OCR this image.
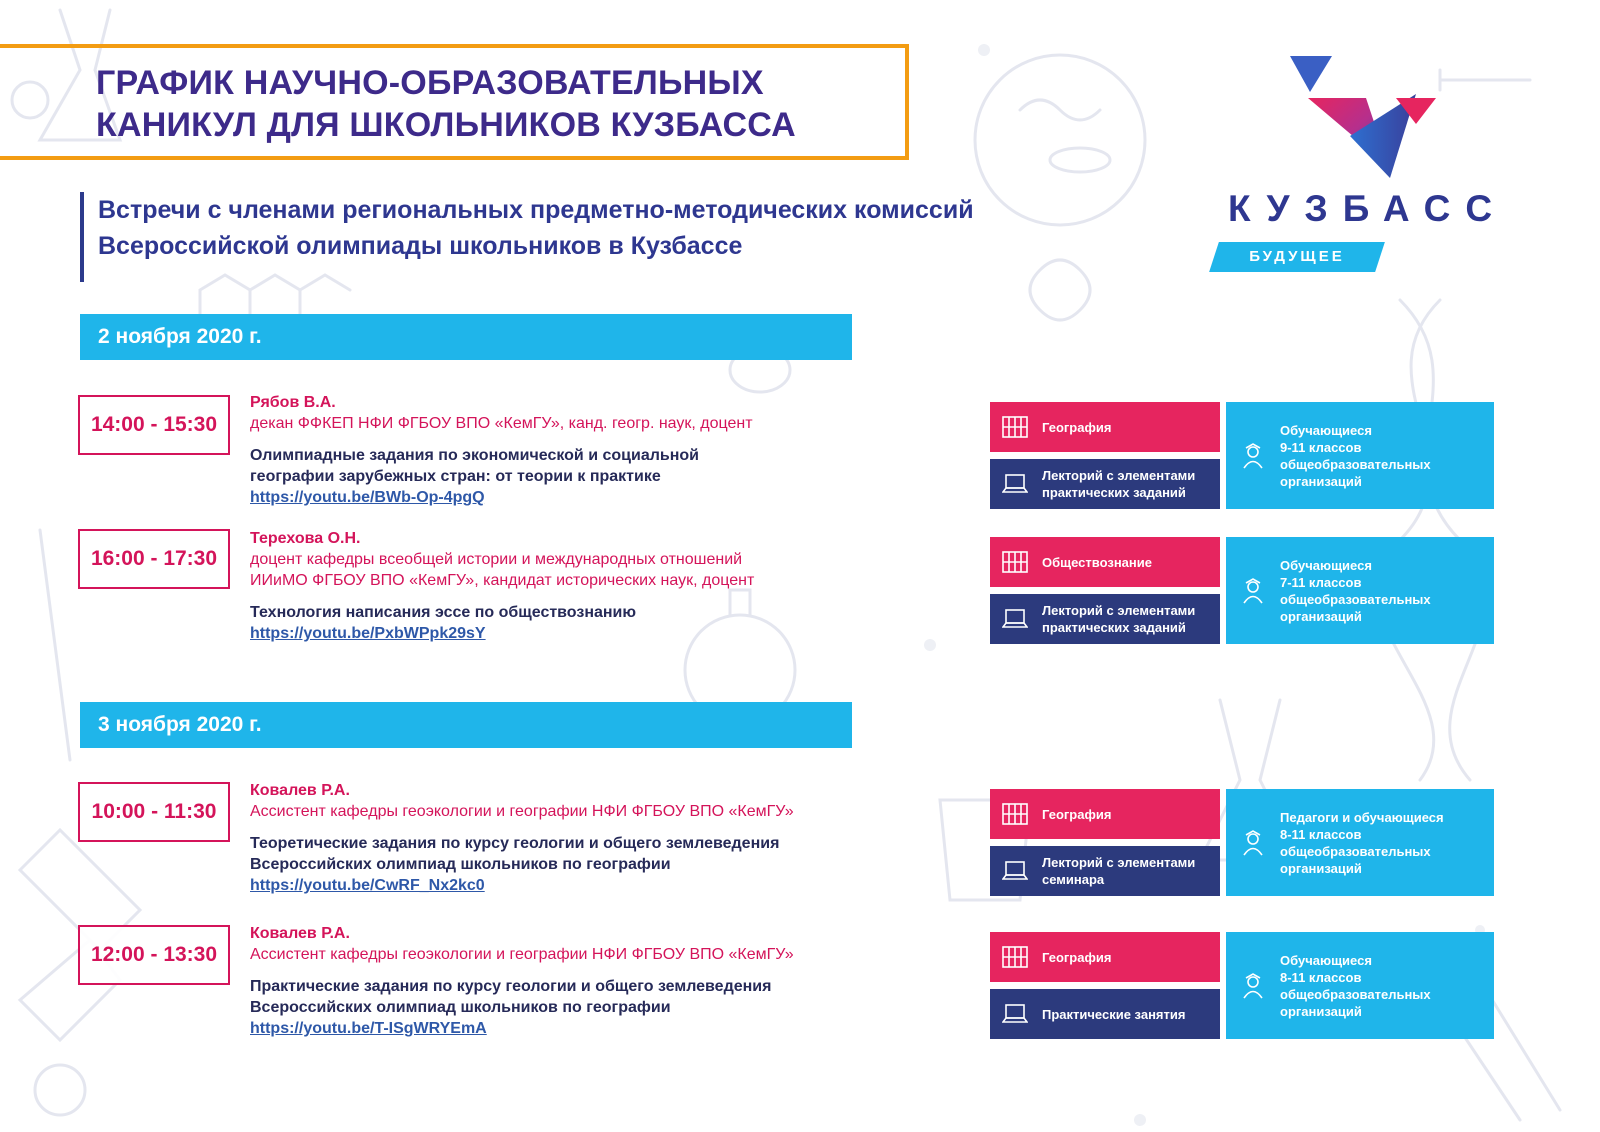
ГРАФИК НАУЧНО-ОБРАЗОВАТЕЛЬНЫХ
КАНИКУЛ ДЛЯ ШКОЛЬНИКОВ КУЗБАССА
Встречи с членами региональных предметно-методических комиссий
Всероссийской олимпиады школьников в Кузбассе
КУЗБАСС
БУДУЩЕЕ
2 ноября 2020 г.
14:00 - 15:30
Рябов В.А.
декан ФФКЕП НФИ ФГБОУ ВПО «КемГУ», канд. геогр. наук, доцент
Олимпиадные задания по экономической и социальной
географии зарубежных стран: от теории к практике
https://youtu.be/BWb-Op-4pgQ
География
Лекторий с элементами
практических заданий
Обучающиеся
9-11 классов
общеобразовательных
организаций
16:00 - 17:30
Терехова О.Н.
доцент кафедры всеобщей истории и международных отношений
ИИиМО ФГБОУ ВПО «КемГУ», кандидат исторических наук, доцент
Технология написания эссе по обществознанию
https://youtu.be/PxbWPpk29sY
Обществознание
Лекторий с элементами
практических заданий
Обучающиеся
7-11 классов
общеобразовательных
организаций
3 ноября 2020 г.
10:00 - 11:30
Ковалев Р.А.
Ассистент кафедры геоэкологии и географии НФИ ФГБОУ ВПО «КемГУ»
Теоретические задания по курсу геологии и общего землеведения
Всероссийских олимпиад школьников по географии
https://youtu.be/CwRF_Nx2kc0
География
Лекторий с элементами
семинара
Педагоги и обучающиеся
8-11 классов
общеобразовательных
организаций
12:00 - 13:30
Ковалев Р.А.
Ассистент кафедры геоэкологии и географии НФИ ФГБОУ ВПО «КемГУ»
Практические задания по курсу геологии и общего землеведения
Всероссийских олимпиад школьников по географии
https://youtu.be/T-ISgWRYEmA
География
Практические занятия
Обучающиеся
8-11 классов
общеобразовательных
организаций
